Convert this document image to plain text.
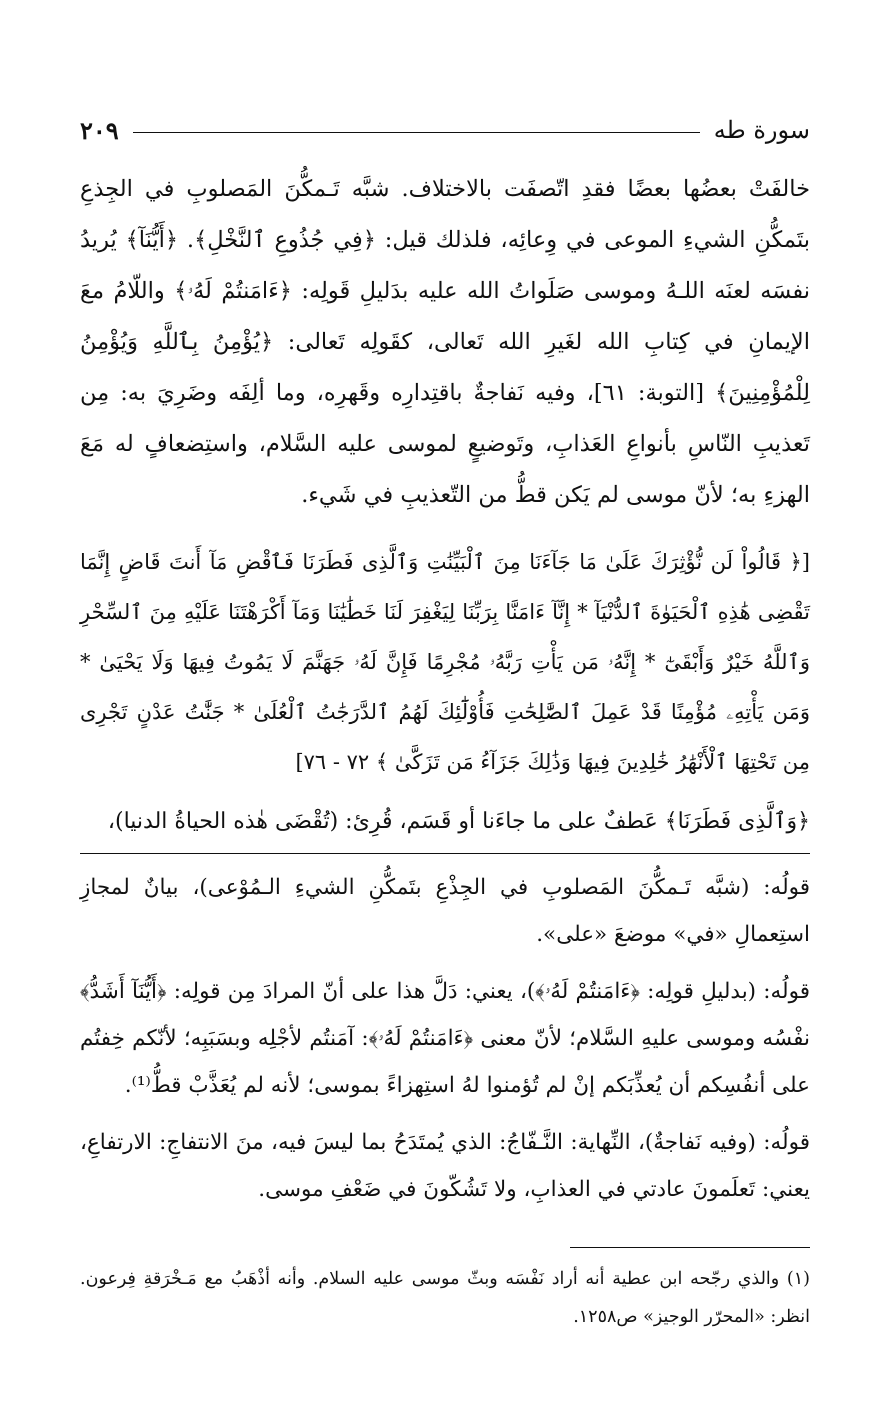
سورة طه
٢٠٩

خالفَتْ بعضُها بعضًا فقدِ اتّصفَت بالاختلاف. شبَّه تَـمكُّنَ المَصلوبِ في الجِذعِ بتَمكُّنِ الشيءِ الموعى في وِعائِه، فلذلك قيل: ﴿فِي جُذُوعِ ٱلنَّخْلِ﴾. ﴿أَيُّنَآ﴾ يُريدُ نفسَه لعنَه اللـهُ وموسى صَلَواتُ الله عليه بدَليلِ قَولِه: ﴿ءَامَنتُمْ لَهُۥ﴾ واللّامُ معَ الإيمانِ في كِتابِ الله لغَيرِ الله تَعالى، كقَولِه تَعالى: ﴿يُؤْمِنُ بِٱللَّهِ وَيُؤْمِنُ لِلْمُؤْمِنِينَ﴾ [التوبة: ٦١]، وفيه نَفاجةٌ باقتِدارِه وقَهرِه، وما ألِفَه وضَرِيَ به: مِن تَعذيبِ النّاسِ بأنواعِ العَذابِ، وتَوضيعٍ لموسى عليه السَّلام، واستِضعافٍ له مَعَ الهزءِ به؛ لأنّ موسى لم يَكن قطُّ من التّعذيبِ في شَيء.

[﴿ قَالُواْ لَن نُّؤْثِرَكَ عَلَىٰ مَا جَآءَنَا مِنَ ٱلْبَيِّنَٰتِ وَٱلَّذِى فَطَرَنَا فَٱقْضِ مَآ أَنتَ قَاضٍ إِنَّمَا تَقْضِى هَٰذِهِ ٱلْحَيَوٰةَ ٱلدُّنْيَآ * إِنَّآ ءَامَنَّا بِرَبِّنَا لِيَغْفِرَ لَنَا خَطَٰيَٰنَا وَمَآ أَكْرَهْتَنَا عَلَيْهِ مِنَ ٱلسِّحْرِ وَٱللَّهُ خَيْرٌ وَأَبْقَىٰٓ * إِنَّهُۥ مَن يَأْتِ رَبَّهُۥ مُجْرِمًا فَإِنَّ لَهُۥ جَهَنَّمَ لَا يَمُوتُ فِيهَا وَلَا يَحْيَىٰ * وَمَن يَأْتِهِۦ مُؤْمِنًا قَدْ عَمِلَ ٱلصَّٰلِحَٰتِ فَأُوْلَٰٓئِكَ لَهُمُ ٱلدَّرَجَٰتُ ٱلْعُلَىٰ * جَنَّٰتُ عَدْنٍ تَجْرِى مِن تَحْتِهَا ٱلْأَنْهَٰرُ خَٰلِدِينَ فِيهَا وَذَٰلِكَ جَزَآءُ مَن تَزَكَّىٰ ﴾ ٧٢ - ٧٦]

﴿وَٱلَّذِى فَطَرَنَا﴾ عَطفٌ على ما جاءَنا أو قَسَم، قُرِئ: (تُقْضَى هٰذه الحياةُ الدنيا)،

قولُه: (شبَّه تَـمكُّنَ المَصلوبِ في الجِذْعِ بتَمكُّنِ الشيءِ الـمُوْعى)، بيانٌ لمجازِ استِعمالِ «في» موضعَ «على».

قولُه: (بدليلِ قولِه: ﴿ءَامَنتُمْ لَهُۥ﴾)، يعني: دَلَّ هذا على أنّ المرادَ مِن قولِه: ﴿أَيُّنَآ أَشَدُّ﴾ نفْسُه وموسى عليهِ السَّلام؛ لأنّ معنى ﴿ءَامَنتُمْ لَهُۥ﴾: آمَنتُم لأجْلِه وبسَبَبِه؛ لأنّكم خِفتُم على أنفُسِكم أن يُعذِّبَكم إنْ لم تُؤمنوا لهُ استِهزاءً بموسى؛ لأنه لم يُعَذَّبْ قطُّ⁽¹⁾.

قولُه: (وفيه نَفاجةٌ)، النِّهاية: النَّـفّاجُ: الذي يُمتَدَحُ بما ليسَ فيه، منَ الانتفاجِ: الارتفاعِ، يعني: تَعلَمونَ عادتي في العذابِ، ولا تَشُكّونَ في ضَعْفِ موسى.

(١) والذي رجّحه ابن عطية أنه أراد نَفْسَه وبثّ موسى عليه السلام. وأنه أذْهَبُ مع مَـخْرَقةِ فِرعون. انظر: «المحرّر الوجيز» ص١٢٥٨.
